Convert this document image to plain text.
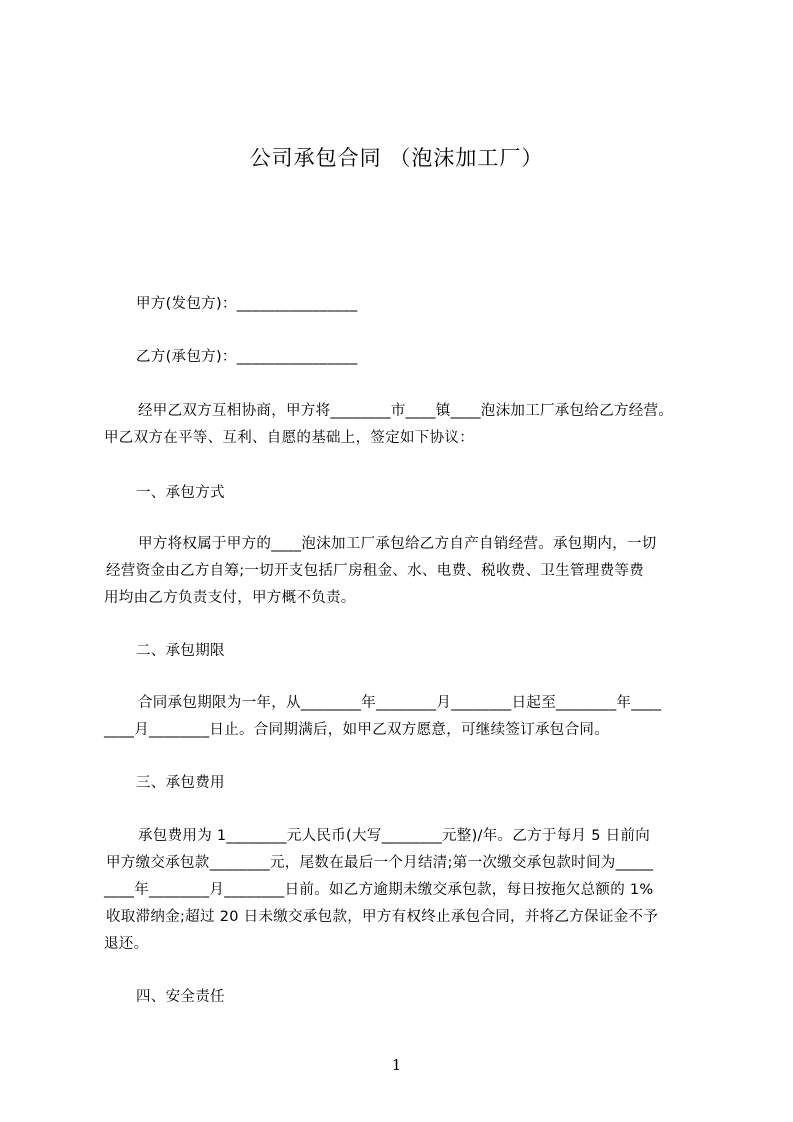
公司承包合同 （泡沫加工厂）
甲方(发包方)：________________
乙方(承包方)：________________
经甲乙双方互相协商，甲方将________市____镇____泡沫加工厂承包给乙方经营。
甲乙双方在平等、互利、自愿的基础上，签定如下协议：
一、承包方式
甲方将权属于甲方的____泡沫加工厂承包给乙方自产自销经营。承包期内，一切
经营资金由乙方自筹;一切开支包括厂房租金、水、电费、税收费、卫生管理费等费
用均由乙方负责支付，甲方概不负责。
二、承包期限
合同承包期限为一年，从________年________月________日起至________年____
____月________日止。合同期满后，如甲乙双方愿意，可继续签订承包合同。
三、承包费用
承包费用为 1________元人民币(大写________元整)/年。乙方于每月 5 日前向
甲方缴交承包款________元，尾数在最后一个月结清;第一次缴交承包款时间为_____
____年________月________日前。如乙方逾期未缴交承包款，每日按拖欠总额的 1%
收取滞纳金;超过 20 日未缴交承包款，甲方有权终止承包合同，并将乙方保证金不予
退还。
四、安全责任
1
